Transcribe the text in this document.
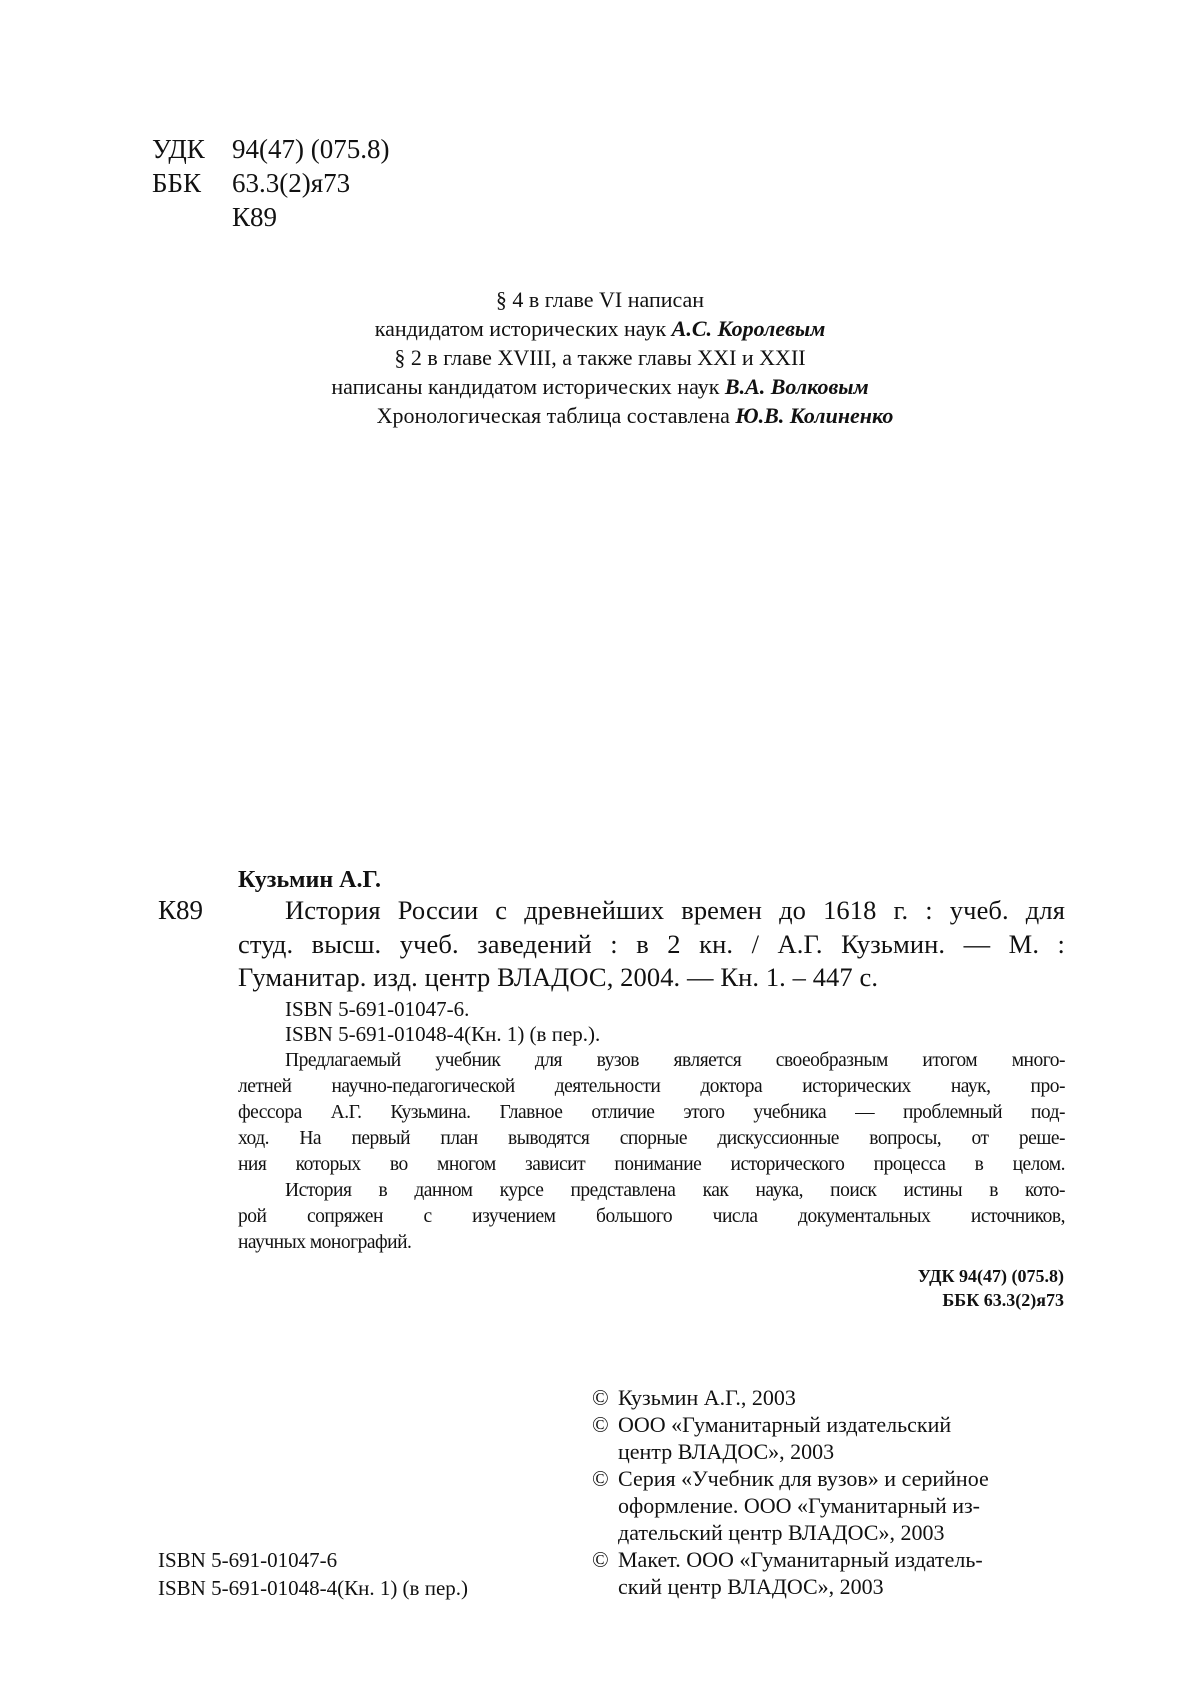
УДК 94(47) (075.8)
ББК 63.3(2)я73
К89
§ 4 в главе VI написан
кандидатом исторических наук А.С. Королевым
§ 2 в главе XVIII, а также главы XXI и XXII
написаны кандидатом исторических наук В.А. Волковым
Хронологическая таблица составлена Ю.В. Колиненко
Кузьмин А.Г.
К89	История России с древнейших времен до 1618 г. : учеб. для
студ. высш. учеб. заведений : в 2 кн. / А.Г. Кузьмин. — М. :
Гуманитар. изд. центр ВЛАДОС, 2004. — Кн. 1. – 447 с.
ISBN 5-691-01047-6.
ISBN 5-691-01048-4(Кн. 1) (в пер.).
Предлагаемый учебник для вузов является своеобразным итогом много-
летней научно-педагогической деятельности доктора исторических наук, про-
фессора А.Г. Кузьмина. Главное отличие этого учебника — проблемный под-
ход. На первый план выводятся спорные дискуссионные вопросы, от реше-
ния которых во многом зависит понимание исторического процесса в целом.
История в данном курсе представлена как наука, поиск истины в кото-
рой сопряжен с изучением большого числа документальных источников,
научных монографий.
УДК 94(47) (075.8)
ББК 63.3(2)я73
© Кузьмин А.Г., 2003
© ООО «Гуманитарный издательский
центр ВЛАДОС», 2003
© Серия «Учебник для вузов» и серийное
оформление. ООО «Гуманитарный из-
дательский центр ВЛАДОС», 2003
© Макет. ООО «Гуманитарный издатель-
ский центр ВЛАДОС», 2003
ISBN 5-691-01047-6
ISBN 5-691-01048-4(Кн. 1) (в пер.)
